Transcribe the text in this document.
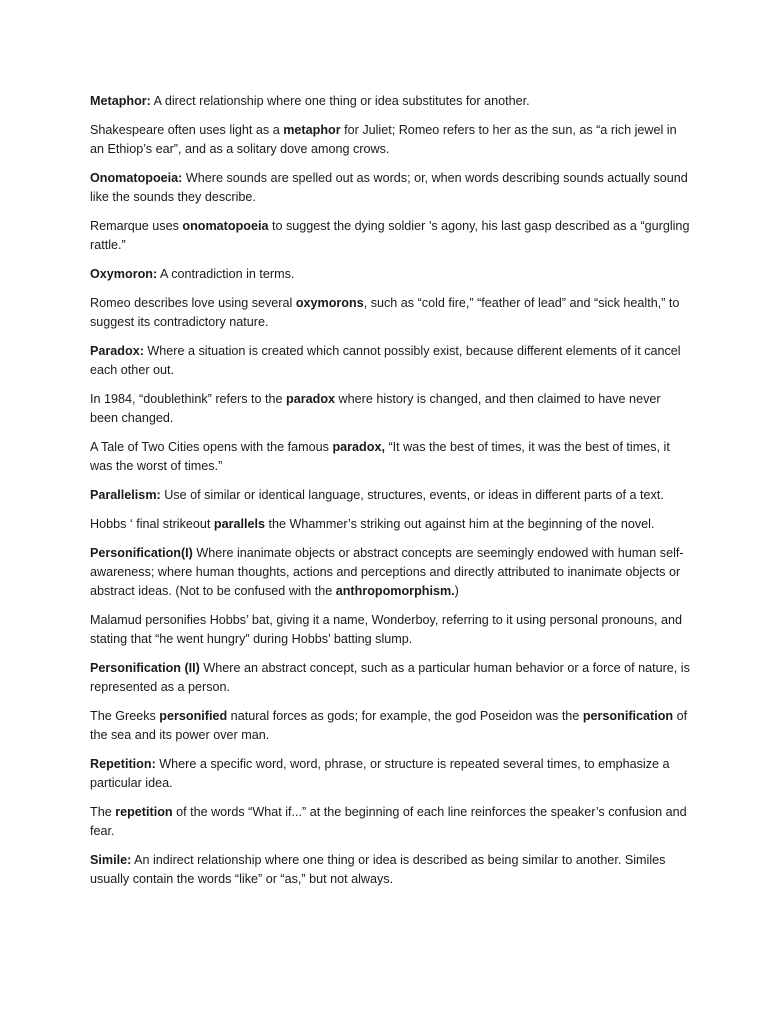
Metaphor: A direct relationship where one thing or idea substitutes for another.

Shakespeare often uses light as a metaphor for Juliet; Romeo refers to her as the sun, as “a rich jewel in an Ethiop’s ear”, and as a solitary dove among crows.

Onomatopoeia: Where sounds are spelled out as words; or, when words describing sounds actually sound like the sounds they describe.

Remarque uses onomatopoeia to suggest the dying soldier ’s agony, his last gasp described as a “gurgling rattle.”

Oxymoron: A contradiction in terms.

Romeo describes love using several oxymorons, such as “cold fire,” “feather of lead” and “sick health,” to suggest its contradictory nature.

Paradox: Where a situation is created which cannot possibly exist, because different elements of it cancel each other out.

In 1984, “doublethink” refers to the paradox where history is changed, and then claimed to have never been changed.

A Tale of Two Cities opens with the famous paradox, “It was the best of times, it was the best of times, it was the worst of times.”

Parallelism: Use of similar or identical language, structures, events, or ideas in different parts of a text.

Hobbs ‘ final strikeout parallels the Whammer’s striking out against him at the beginning of the novel.

Personification(I) Where inanimate objects or abstract concepts are seemingly endowed with human self-awareness; where human thoughts, actions and perceptions and directly attributed to inanimate objects or abstract ideas. (Not to be confused with the anthropomorphism.)

Malamud personifies Hobbs’ bat, giving it a name, Wonderboy, referring to it using personal pronouns, and stating that “he went hungry” during Hobbs’ batting slump.

Personification (II) Where an abstract concept, such as a particular human behavior or a force of nature, is represented as a person.

The Greeks personified natural forces as gods; for example, the god Poseidon was the personification of the sea and its power over man.

Repetition: Where a specific word, word, phrase, or structure is repeated several times, to emphasize a particular idea.

The repetition of the words “What if...” at the beginning of each line reinforces the speaker’s confusion and fear.

Simile: An indirect relationship where one thing or idea is described as being similar to another. Similes usually contain the words “like” or “as,” but not always.
